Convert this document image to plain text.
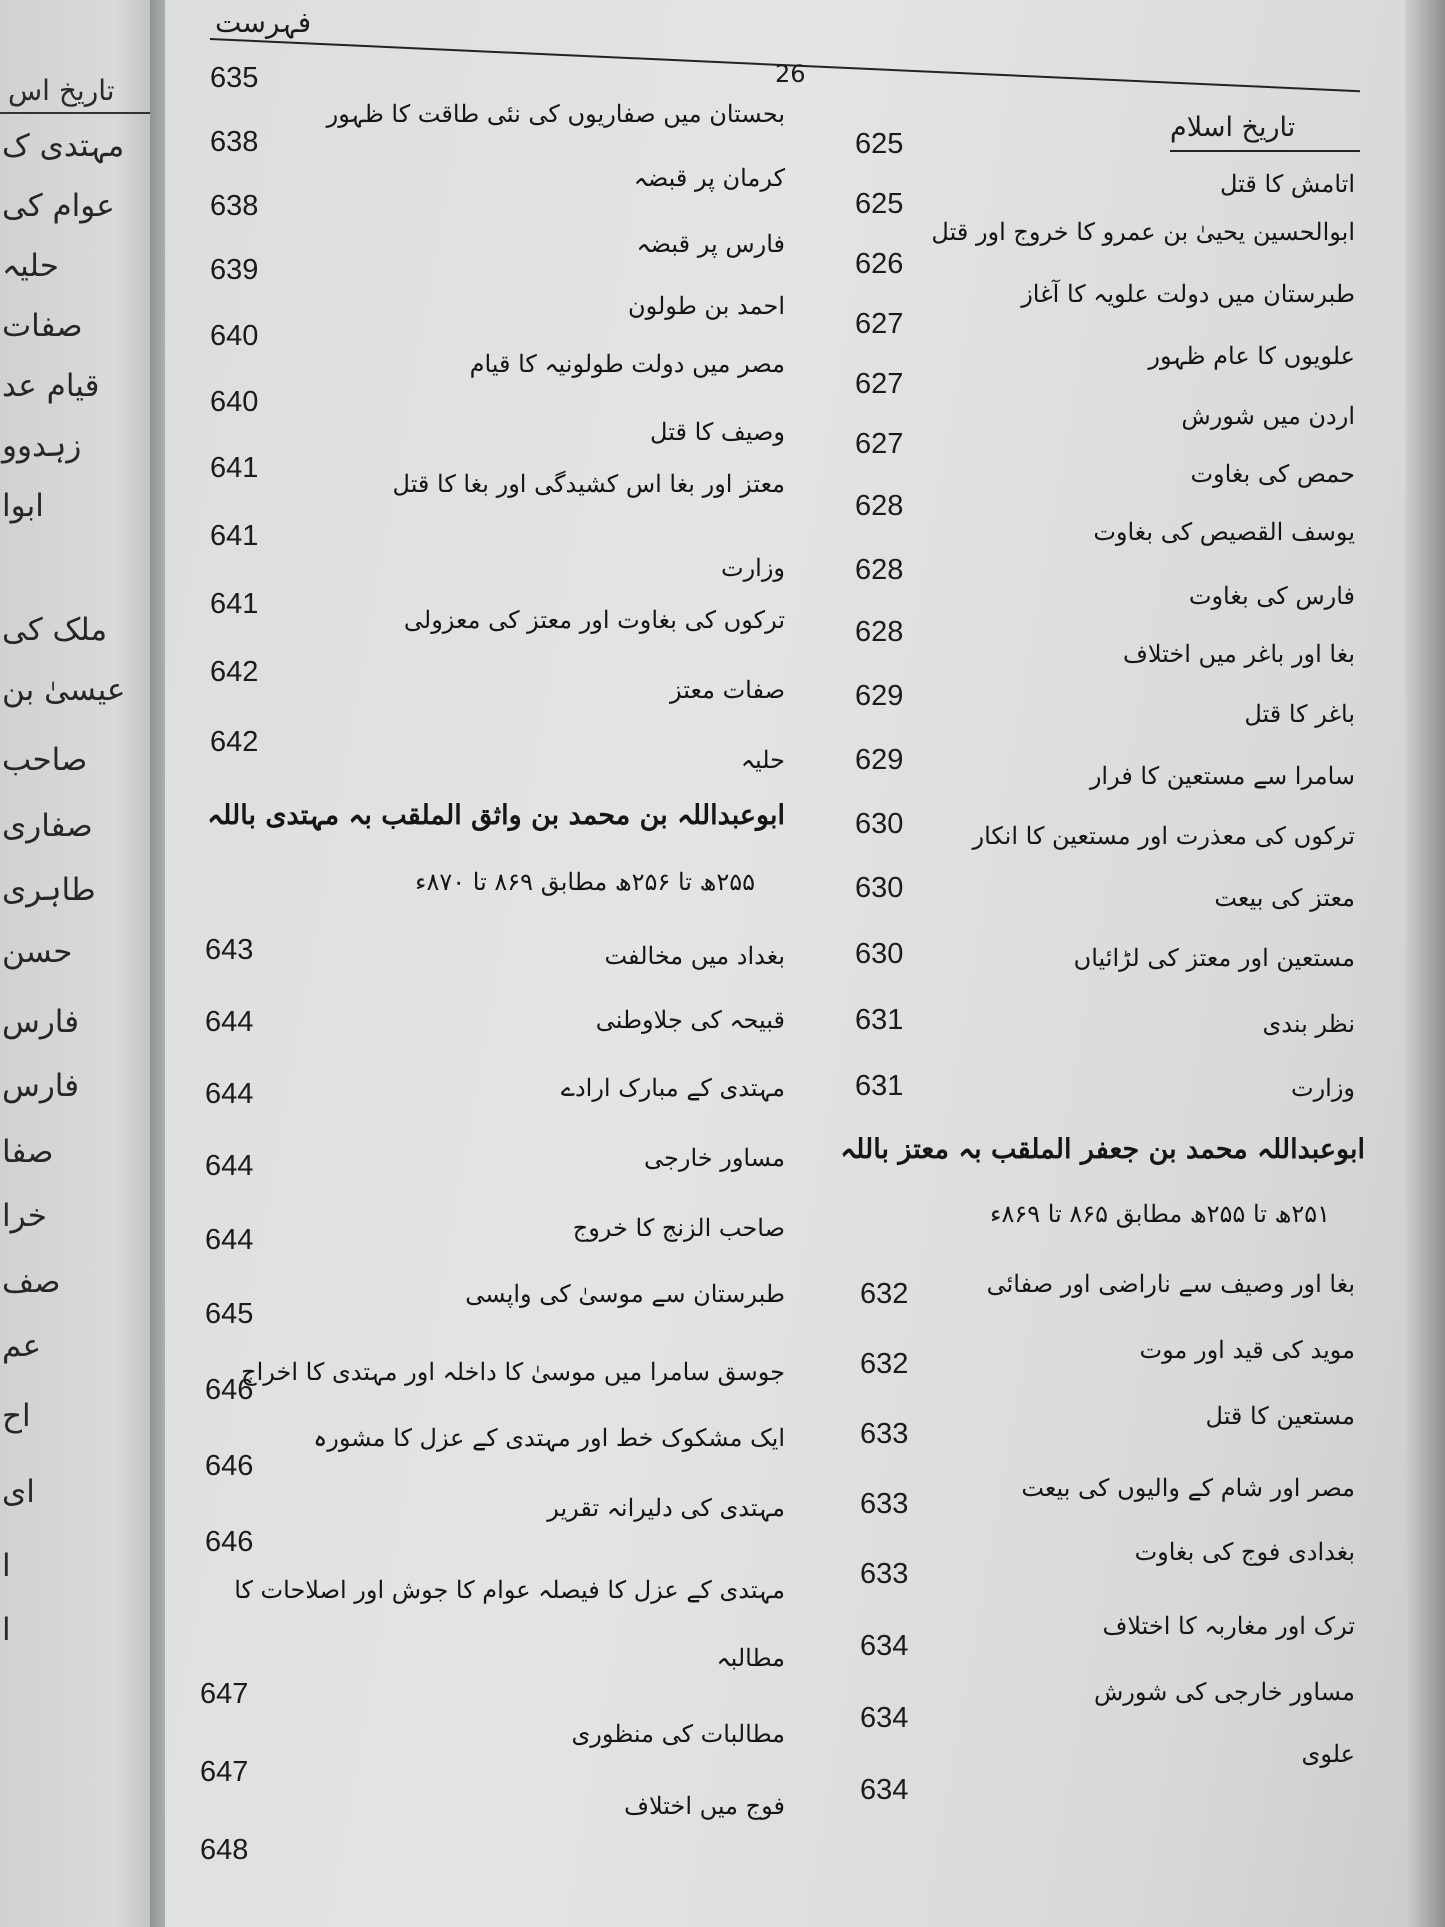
تاریخ اس
مہتدی ک
عوام کی
حلیہ
صفات
قیام عد
زہدوو
ابوا
ملک کی
عیسیٰ بن
صاحب
صفاری
طاہری
حسن
فارس
فارس
صفا
خرا
صف
عم
اح
ای
ا
ا
فہرست
26
تاریخ اسلام
635
638
638
639
640
640
641
641
641
642
642
643
644
644
644
644
645
646
646
646
647
647
648
بحستان میں صفاریوں کی نئی طاقت کا ظہور
کرمان پر قبضہ
فارس پر قبضہ
احمد بن طولون
مصر میں دولت طولونیہ کا قیام
وصیف کا قتل
معتز اور بغا اس کشیدگی اور بغا کا قتل
وزارت
ترکوں کی بغاوت اور معتز کی معزولی
صفات معتز
حلیہ
ابوعبداللہ بن محمد بن واثق الملقب بہ مہتدی باللہ
۲۵۵ھ تا ۲۵۶ھ مطابق ۸۶۹ تا ۸۷۰ء
بغداد میں مخالفت
قبیحہ کی جلاوطنی
مہتدی کے مبارک ارادے
مساور خارجی
صاحب الزنج کا خروج
طبرستان سے موسیٰ کی واپسی
جوسق سامرا میں موسیٰ کا داخلہ اور مہتدی کا اخراج
ایک مشکوک خط اور مہتدی کے عزل کا مشورہ
مہتدی کی دلیرانہ تقریر
مہتدی کے عزل کا فیصلہ عوام کا جوش اور اصلاحات کا
مطالبہ
مطالبات کی منظوری
فوج میں اختلاف
625
625
626
627
627
627
628
628
628
629
629
630
630
630
631
631
632
632
633
633
633
634
634
634
اتامش کا قتل
ابوالحسین یحییٰ بن عمرو کا خروج اور قتل
طبرستان میں دولت علویہ کا آغاز
علویوں کا عام ظہور
اردن میں شورش
حمص کی بغاوت
یوسف القصیص کی بغاوت
فارس کی بغاوت
بغا اور باغر میں اختلاف
باغر کا قتل
سامرا سے مستعین کا فرار
ترکوں کی معذرت اور مستعین کا انکار
معتز کی بیعت
مستعین اور معتز کی لڑائیاں
نظر بندی
وزارت
ابوعبداللہ محمد بن جعفر الملقب بہ معتز باللہ
۲۵۱ھ تا ۲۵۵ھ مطابق ۸۶۵ تا ۸۶۹ء
بغا اور وصیف سے ناراضی اور صفائی
موید کی قید اور موت
مستعین کا قتل
مصر اور شام کے والیوں کی بیعت
بغدادی فوج کی بغاوت
ترک اور مغاربہ کا اختلاف
مساور خارجی کی شورش
علوی
